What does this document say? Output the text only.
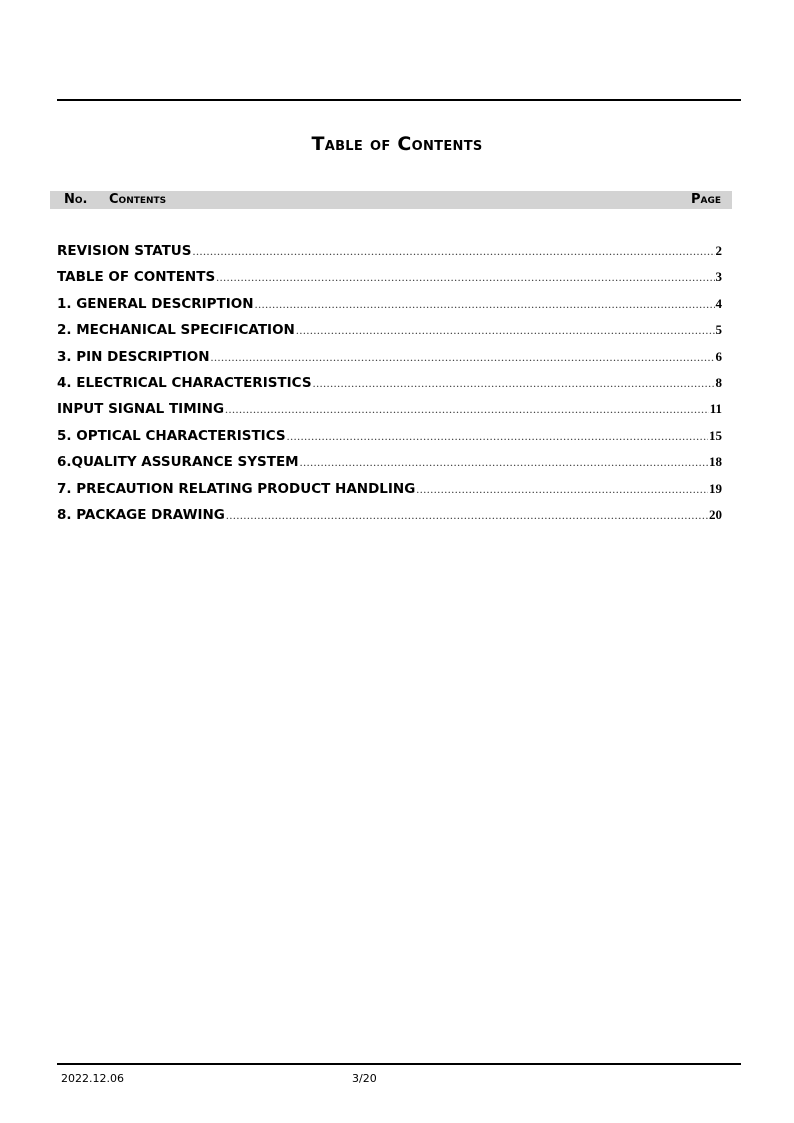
Table of Contents
No. Contents	Page
REVISION STATUS .....	2
TABLE OF CONTENTS .....	3
1. GENERAL DESCRIPTION .....	4
2. MECHANICAL SPECIFICATION .....	5
3. PIN DESCRIPTION .....	6
4. ELECTRICAL CHARACTERISTICS .....	8
INPUT SIGNAL TIMING .....	11
5. OPTICAL CHARACTERISTICS .....	15
6.QUALITY ASSURANCE SYSTEM .....	18
7. PRECAUTION RELATING PRODUCT HANDLING .....	19
8. PACKAGE DRAWING .....	20
2022.12.06	3/20
